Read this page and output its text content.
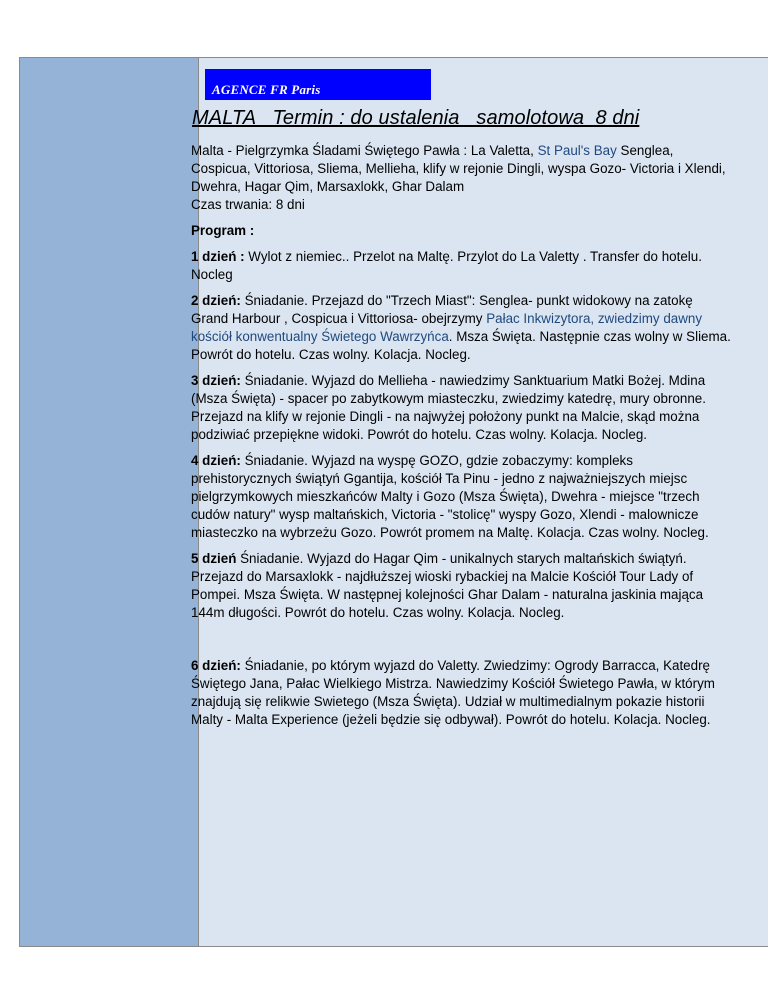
AGENCE FR Paris
MALTA   Termin : do ustalenia   samolotowa  8 dni

Malta - Pielgrzymka Śladami Świętego Pawła : La Valetta, St Paul's Bay Senglea, Cospicua, Vittoriosa, Sliema, Mellieha, klify w rejonie Dingli, wyspa Gozo- Victoria i Xlendi, Dwehra, Hagar Qim, Marsaxlokk, Ghar Dalam
Czas trwania: 8 dni

Program :

1 dzień : Wylot z niemiec.. Przelot na Maltę. Przylot do La Valetty . Transfer do hotelu. Nocleg

2 dzień: Śniadanie. Przejazd do "Trzech Miast": Senglea- punkt widokowy na zatokę Grand Harbour , Cospicua i Vittoriosa- obejrzymy Pałac Inkwizytora, zwiedzimy dawny kościół konwentualny Świetego Wawrzyńca. Msza Święta. Następnie czas wolny w Sliema. Powrót do hotelu. Czas wolny. Kolacja. Nocleg.

3 dzień: Śniadanie. Wyjazd do Mellieha - nawiedzimy Sanktuarium Matki Bożej. Mdina (Msza Święta) - spacer po zabytkowym miasteczku, zwiedzimy katedrę, mury obronne. Przejazd na klify w rejonie Dingli - na najwyżej położony punkt na Malcie, skąd można podziwiać przepiękne widoki. Powrót do hotelu. Czas wolny. Kolacja. Nocleg.

4 dzień: Śniadanie. Wyjazd na wyspę GOZO, gdzie zobaczymy: kompleks prehistorycznych świątyń Ggantija, kościół Ta Pinu - jedno z najważniejszych miejsc pielgrzymkowych mieszkańców Malty i Gozo (Msza Święta), Dwehra - miejsce "trzech cudów natury" wysp maltańskich, Victoria - "stolicę" wyspy Gozo, Xlendi - malownicze miasteczko na wybrzeżu Gozo. Powrót promem na Maltę. Kolacja. Czas wolny. Nocleg.

5 dzień Śniadanie. Wyjazd do Hagar Qim - unikalnych starych maltańskich świątyń. Przejazd do Marsaxlokk - najdłuższej wioski rybackiej na Malcie Kościół Tour Lady of Pompei. Msza Święta. W następnej kolejności Ghar Dalam - naturalna jaskinia mająca 144m długości. Powrót do hotelu. Czas wolny. Kolacja. Nocleg.

6 dzień: Śniadanie, po którym wyjazd do Valetty. Zwiedzimy: Ogrody Barracca, Katedrę Świętego Jana, Pałac Wielkiego Mistrza. Nawiedzimy Kościół Świetego Pawła, w którym znajdują się relikwie Swietego (Msza Święta). Udział w multimedialnym pokazie historii Malty - Malta Experience (jeżeli będzie się odbywał). Powrót do hotelu. Kolacja. Nocleg.
